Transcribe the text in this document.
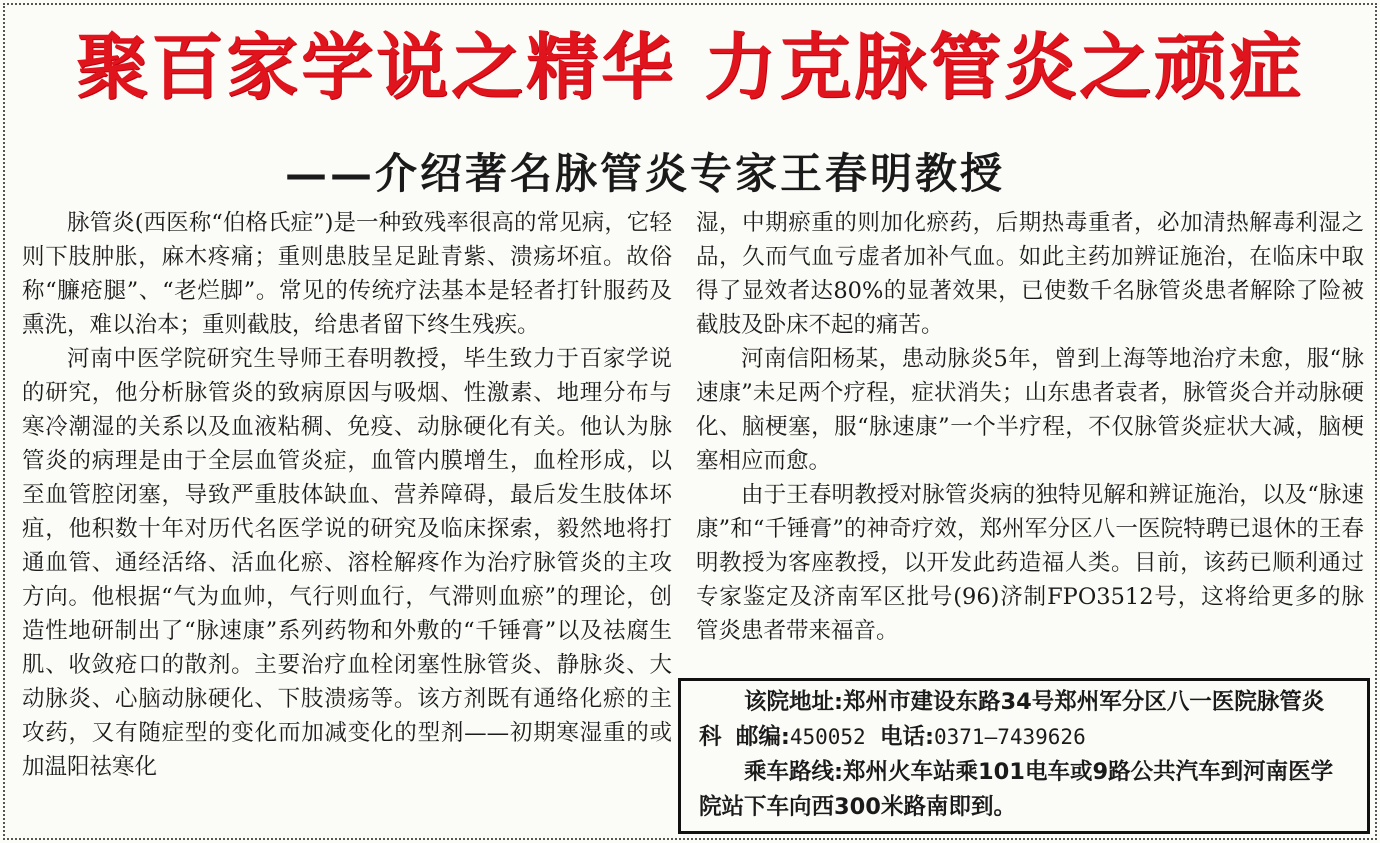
聚百家学说之精华 力克脉管炎之顽症
——介绍著名脉管炎专家王春明教授

脉管炎(西医称“伯格氏症”)是一种致残率很高的常见病，它轻则下肢肿胀，麻木疼痛；重则患肢呈足趾青紫、溃疡坏疽。故俗称“臁疮腿”、“老烂脚”。常见的传统疗法基本是轻者打针服药及熏洗，难以治本；重则截肢，给患者留下终生残疾。

河南中医学院研究生导师王春明教授，毕生致力于百家学说的研究，他分析脉管炎的致病原因与吸烟、性激素、地理分布与寒冷潮湿的关系以及血液粘稠、免疫、动脉硬化有关。他认为脉管炎的病理是由于全层血管炎症，血管内膜增生，血栓形成，以至血管腔闭塞，导致严重肢体缺血、营养障碍，最后发生肢体坏疽，他积数十年对历代名医学说的研究及临床探索，毅然地将打通血管、通经活络、活血化瘀、溶栓解疼作为治疗脉管炎的主攻方向。他根据“气为血帅，气行则血行，气滞则血瘀”的理论，创造性地研制出了“脉速康”系列药物和外敷的“千锤膏”以及祛腐生肌、收敛疮口的散剂。主要治疗血栓闭塞性脉管炎、静脉炎、大动脉炎、心脑动脉硬化、下肢溃疡等。该方剂既有通络化瘀的主攻药，又有随症型的变化而加减变化的型剂——初期寒湿重的或加温阳祛寒化

湿，中期瘀重的则加化瘀药，后期热毒重者，必加清热解毒利湿之品，久而气血亏虚者加补气血。如此主药加辨证施治，在临床中取得了显效者达80%的显著效果，已使数千名脉管炎患者解除了险被截肢及卧床不起的痛苦。

河南信阳杨某，患动脉炎5年，曾到上海等地治疗未愈，服“脉速康”未足两个疗程，症状消失；山东患者袁者，脉管炎合并动脉硬化、脑梗塞，服“脉速康”一个半疗程，不仅脉管炎症状大减，脑梗塞相应而愈。

由于王春明教授对脉管炎病的独特见解和辨证施治，以及“脉速康”和“千锤膏”的神奇疗效，郑州军分区八一医院特聘已退休的王春明教授为客座教授，以开发此药造福人类。目前，该药已顺利通过专家鉴定及济南军区批号(96)济制FPO3512号，这将给更多的脉管炎患者带来福音。

该院地址:郑州市建设东路34号郑州军分区八一医院脉管炎科 邮编:450052 电话:0371—7439626

乘车路线:郑州火车站乘101电车或9路公共汽车到河南医学院站下车向西300米路南即到。
